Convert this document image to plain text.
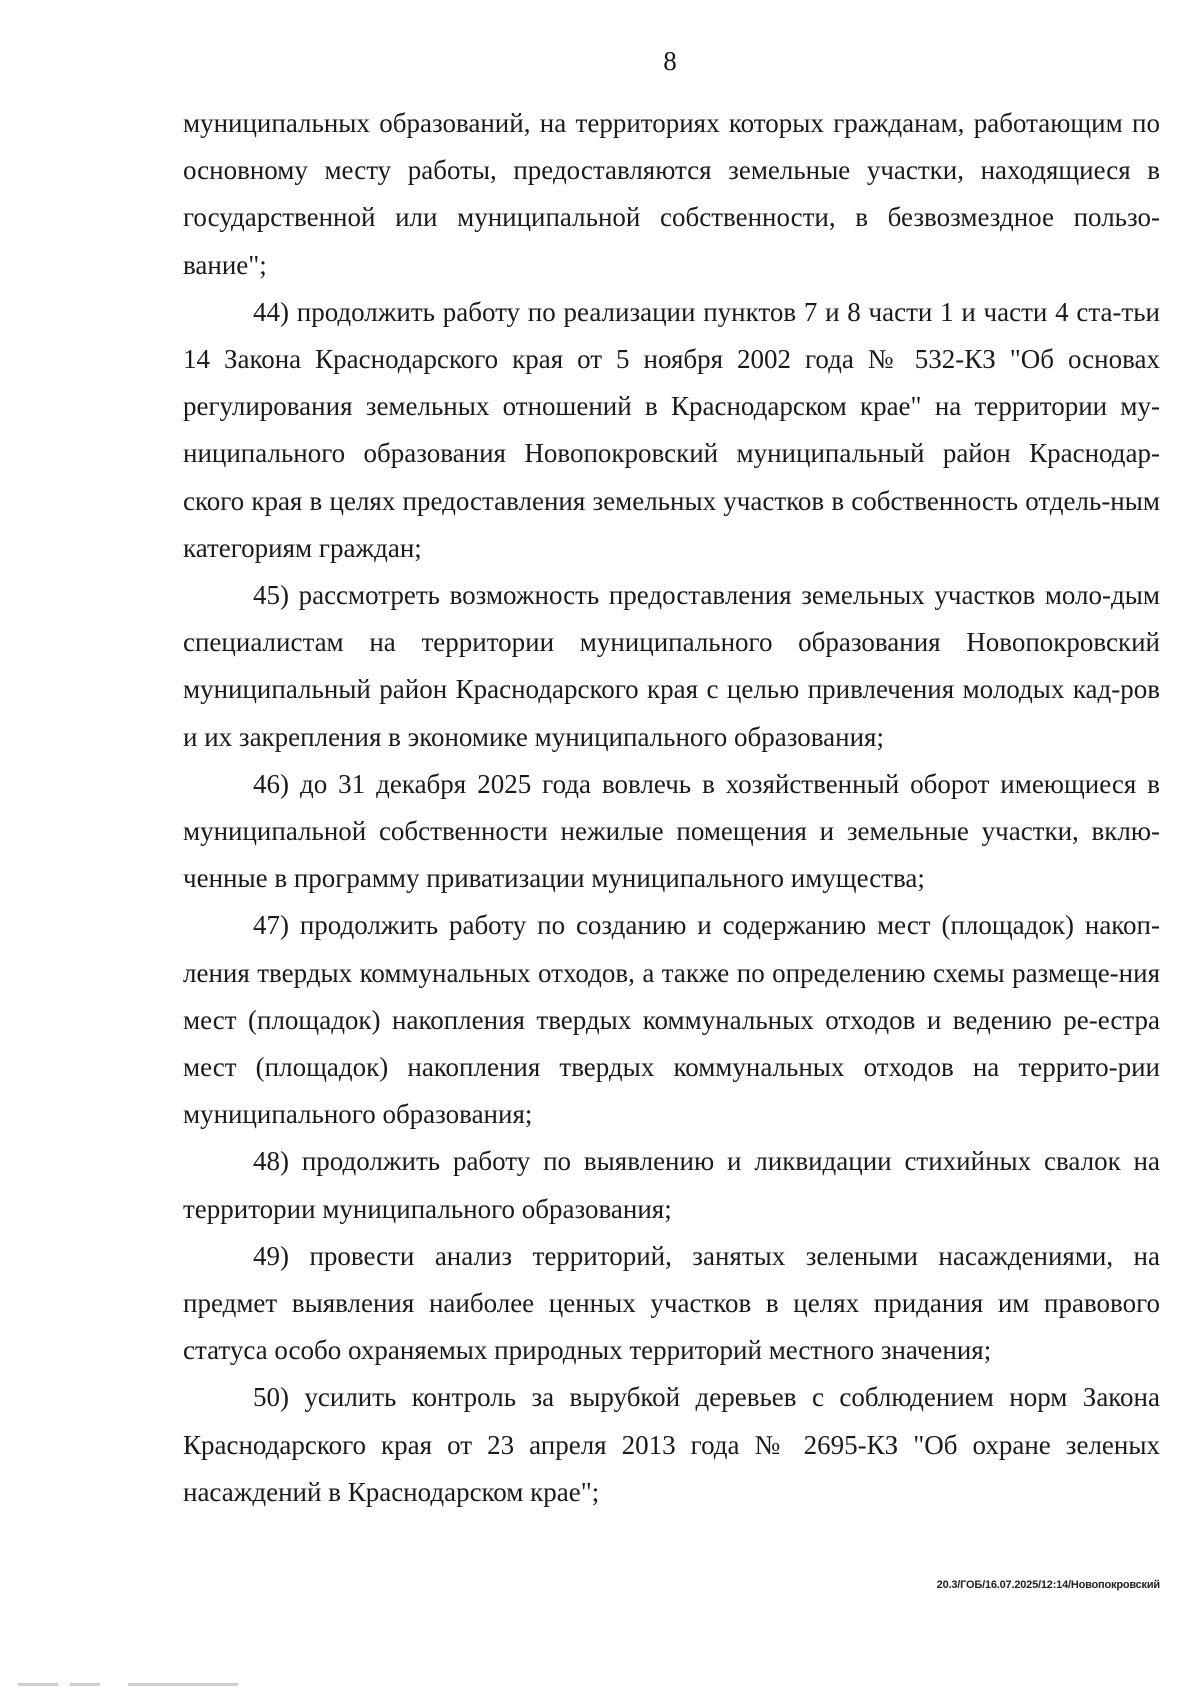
8

муниципальных образований, на территориях которых гражданам, работающим по основному месту работы, предоставляются земельные участки, находящиеся в государственной или муниципальной собственности, в безвозмездное пользо-вание";

44) продолжить работу по реализации пунктов 7 и 8 части 1 и части 4 ста-тьи 14 Закона Краснодарского края от 5 ноября 2002 года № 532-КЗ "Об основах регулирования земельных отношений в Краснодарском крае" на территории му-ниципального образования Новопокровский муниципальный район Краснодар-ского края в целях предоставления земельных участков в собственность отдель-ным категориям граждан;

45) рассмотреть возможность предоставления земельных участков моло-дым специалистам на территории муниципального образования Новопокровский муниципальный район Краснодарского края с целью привлечения молодых кад-ров и их закрепления в экономике муниципального образования;

46) до 31 декабря 2025 года вовлечь в хозяйственный оборот имеющиеся в муниципальной собственности нежилые помещения и земельные участки, вклю-ченные в программу приватизации муниципального имущества;

47) продолжить работу по созданию и содержанию мест (площадок) накоп-ления твердых коммунальных отходов, а также по определению схемы размеще-ния мест (площадок) накопления твердых коммунальных отходов и ведению ре-естра мест (площадок) накопления твердых коммунальных отходов на террито-рии муниципального образования;

48) продолжить работу по выявлению и ликвидации стихийных свалок на территории муниципального образования;

49) провести анализ территорий, занятых зелеными насаждениями, на предмет выявления наиболее ценных участков в целях придания им правового статуса особо охраняемых природных территорий местного значения;

50) усилить контроль за вырубкой деревьев с соблюдением норм Закона Краснодарского края от 23 апреля 2013 года № 2695-КЗ "Об охране зеленых насаждений в Краснодарском крае";

20.3/ГОБ/16.07.2025/12:14/Новопокровский
